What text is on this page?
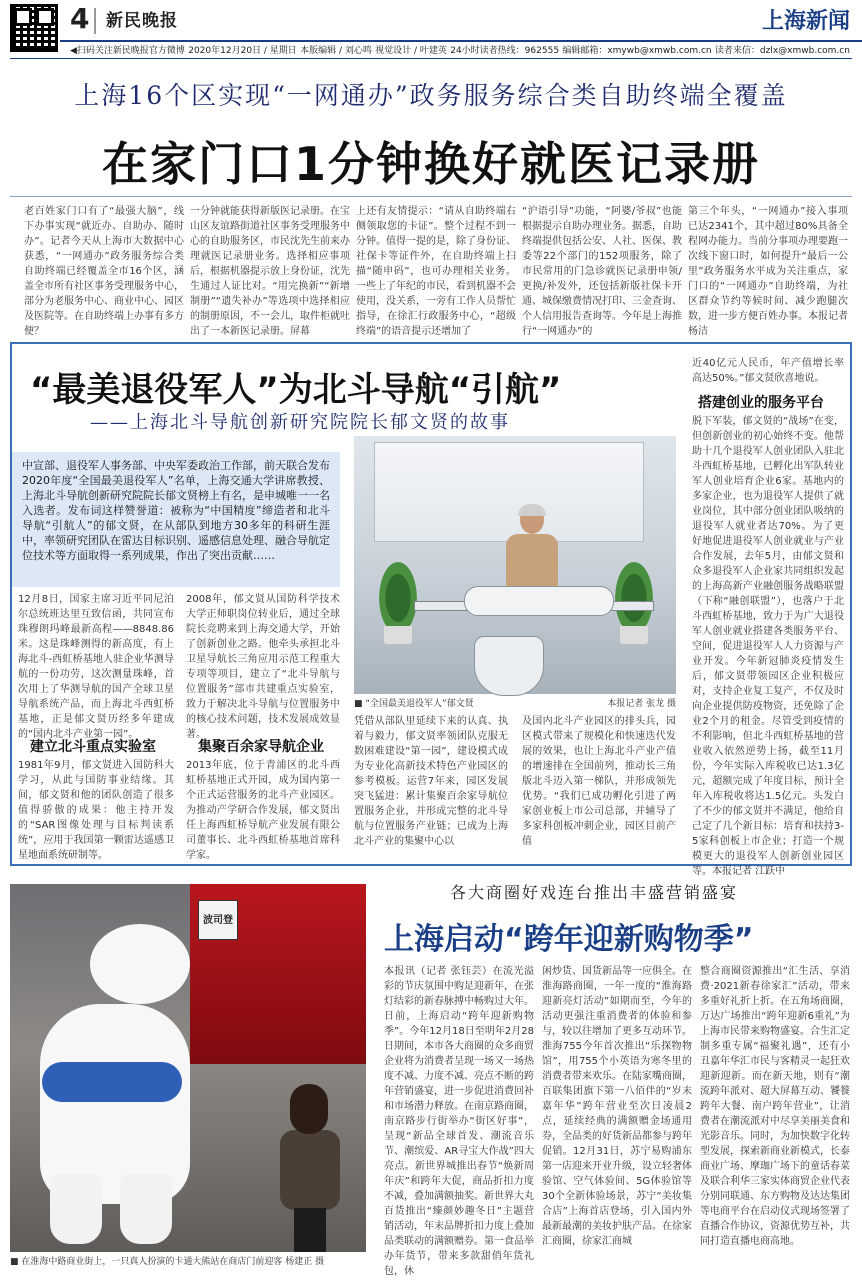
4 新民晚报	上海新闻
◀扫码关注新民晚报官方微博 2020年12月20日 / 星期日 本版编辑 / 刘心鸣 视觉设计 / 叶建英 24小时读者热线：962555 编辑邮箱：xmywb@xmwb.com.cn 读者来信：dzlx@xmwb.com.cn
上海16个区实现“一网通办”政务服务综合类自助终端全覆盖
在家门口1分钟换好就医记录册
老百姓家门口有了“最强大脑”，线下办事实现“就近办、自助办、随时办”。记者今天从上海市大数据中心获悉，“一网通办”政务服务综合类自助终端已经覆盖全市16个区，涵盖全市所有社区事务受理服务中心，部分为老服务中心、商业中心、园区及医院等。在自助终端上办事有多方便？
一分钟就能获得新版医记录册。在宝山区友谊路街道社区事务受理服务中心的自助服务区，市民沈先生前来办理就医记录册业务。选择相应事项后，根据机器提示放上身份证，沈先生通过人证比对。“用完换新”“新增制册”“遗失补办”等选项中选择相应的制册原因，不一会儿，取件柜就吐出了一本新医记录册。屏幕
上还有友情提示：“请从自助终端右侧领取您的卡证”。整个过程不到一分钟。值得一提的是，除了身份证、社保卡等证件外，在自助终端上扫描“随申码”，也可办理相关业务。一些上了年纪的市民，看到机器不会使用，没关系，一旁有工作人员帮忙指导，在徐汇行政服务中心，“超级终端”的语音提示还增加了
“沪语引导”功能，“阿婆/爷叔”也能根据提示自助办理业务。据悉，自助终端提供包括公安、人社、医保、教委等22个部门的152项服务，除了市民常用的门急诊就医记录册申领/更换/补发外，还包括新版社保卡开通、城保缴费情况打印、三金查询、个人信用报告查询等。今年是上海推行“一网通办”的
第三个年头，“一网通办”接入事项已达2341个，其中超过80%具备全程网办能力。当前分事项办理要跑一次线下窗口时，如何提升“最后一公里”政务服务水平成为关注重点，家门口的“一网通办”自助终端，为社区群众节约等候时间、减少跑腿次数，进一步方便百姓办事。本报记者 杨洁
“最美退役军人”为北斗导航“引航”
——上海北斗导航创新研究院院长郁文贤的故事
中宣部、退役军人事务部、中央军委政治工作部，前天联合发布2020年度“全国最美退役军人”名单，上海交通大学讲席教授、上海北斗导航创新研究院院长郁文贤榜上有名，是申城唯一一名入选者。发布词这样赞誉道：被称为“中国精度”缔造者和北斗导航“引航人”的郁文贤，在从部队到地方30多年的科研生涯中，率领研究团队在雷达目标识别、遥感信息处理、融合导航定位技术等方面取得一系列成果，作出了突出贡献……
■ “全国最美退役军人”郁文贤	本报记者 张龙 摄
12月8日，国家主席习近平同尼泊尔总统班达里互致信函，共同宣布珠穆朗玛峰最新高程——8848.86米。这是珠峰测得的新高度，有上海北斗-西虹桥基地人驻企业华测导航的一份功劳，这次测量珠峰，首次用上了华测导航的国产全球卫星导航系统产品，而上海北斗西虹桥基地，正是郁文贤历经多年建成的“国内北斗产业第一园”。
建立北斗重点实验室
1981年9月，郁文贤进入国防科大学习，从此与国防事业结缘。其间，郁文贤和他的团队创造了很多值得骄傲的成果：他主持开发的“SAR图像处理与目标判读系统”，应用于我国第一颗雷达遥感卫星地面系统研制等。
2008年，郁文贤从国防科学技术大学正师职岗位转业后，通过全球院长竞聘来到上海交通大学，开始了创新创业之路。他牵头承担北斗卫星导航长三角应用示范工程重大专项等项目，建立了“北斗导航与位置服务”部市共建重点实验室，致力于解决北斗导航与位置服务中的核心技术问题，技术发展成效显著。
集聚百余家导航企业
2013年底，位于青浦区的北斗西虹桥基地正式开园，成为国内第一个正式运营服务的北斗产业园区。为推动产学研合作发展，郁文贤出任上海西虹桥导航产业发展有限公司董事长、北斗西虹桥基地首席科学家。
凭借从部队里延续下来的认真、执着与毅力，郁文贤率领团队克服无数困难建设“第一园”，建设模式成为专业化高新技术特色产业园区的参考模板。运营7年来，园区发展突飞猛进：累计集聚百余家导航位置服务企业，并形成完整的北斗导航与位置服务产业链；已成为上海北斗产业的集聚中心以
及国内北斗产业园区的排头兵，园区模式带来了规模化和快速迭代发展的效果，也让上海北斗产业产值的增速排在全国前列，推动长三角版北斗迈入第一梯队，并形成领先优势。“我们已成功孵化引进了两家创业板上市公司总部，并辅导了多家科创板冲刺企业，园区目前产值
近40亿元人民币，年产值增长率高达50%。”郁文贤欣喜地说。
搭建创业的服务平台
脱下军装，郁文贤的“战场”在变，但创新创业的初心始终不变。他帮助十几个退役军人创业团队入驻北斗西虹桥基地，已孵化出军队转业军人创业培育企业6家。基地内的多家企业，也为退役军人提供了就业岗位，其中部分创业团队吸纳的退役军人就业者达70%。为了更好地促进退役军人创业就业与产业合作发展，去年5月，由郁文贤和众多退役军人企业家共同组织发起的上海高新产业融创服务战略联盟（下称“融创联盟”），也落户于北斗西虹桥基地，致力于为广大退役军人创业就业搭建各类服务平台、空间，促进退役军人人力资源与产业开发。今年新冠肺炎疫情发生后，郁文贤带领园区企业积极应对，支持企业复工复产，不仅及时向企业提供防疫物资，还免除了企业2个月的租金。尽管受到疫情的不利影响，但北斗西虹桥基地的营业收入依然逆势上扬，截至11月份，今年实际入库税收已达1.3亿元，超额完成了年度目标，预计全年入库税收将达1.5亿元。头发白了不少的郁文贤并不满足，他给自己定了几个新目标：培育和扶持3-5家科创板上市企业；打造一个规模更大的退役军人创新创业园区等。本报记者 江跃中
波司登
■ 在淮海中路商业街上，一只真人扮演的卡通大熊站在商店门前迎客 杨建正 摄
各大商圈好戏连台推出丰盛营销盛宴
上海启动“跨年迎新购物季”
本报讯（记者 张钰芸）在流光溢彩的节庆氛围中购足迎新年，在张灯结彩的新春脉搏中畅购过大年。日前，上海启动“跨年迎新购物季”。今年12月18日至明年2月28日期间，本市各大商圈的众多商贸企业将为消费者呈现一场又一场热度不减、力度不减、亮点不断的跨年营销盛宴，进一步促进消费回补和市场潜力释放。在南京路商圈，南京路步行街举办“街区好事”，呈现“新品全球首发、潮流音乐节、潮缤爱、AR寻宝大作战”四大亮点。新世界城推出春节“焕新周年庆”和跨年大促，商品折扣力度不减，叠加满额抽奖。新世界大丸百货推出“臻颜妙趣冬日”主题营销活动，年末品牌折扣力度上叠加品类联动的满额赠券。第一食品举办年货节，带来多款甜俏年货礼包，休
闲炒货、国货新品等一应俱全。在淮海路商圈，一年一度的“淮海路迎新亮灯活动”如期而至，今年的活动更强注重消费者的体验和参与，较以往增加了更多互动环节。淮海755今年首次推出“乐探物物馆”，用755个小英语为寒冬里的消费者带来欢乐。在陆家嘴商圈，百联集团旗下第一八佰伴的“岁末嘉年华”跨年营业至次日凌晨2点，延续经典的满额赠金场通用券，全品类的好货新品都参与跨年促销。12月31日，苏宁易购浦东第一店迎来开业升级，设立轻奢体验馆、空气体验间、5G体验馆等30个全新体验场景，苏宁“美妆集合店”上海首店登场，引入国内外最新最潮的美妆护肤产品。在徐家汇商圈，徐家汇商城
整合商圈资源推出“汇生活、享消费·2021新春徐家汇”活动，带来多重好礼折上折。在五角场商圈，万达广场推出“跨年迎新6重礼”为上海市民带来购物盛宴。合生汇定制多重专属“福聚礼遇”，还有小丑嘉年华汇市民与客精灵一起狂欢迎新迎新。而在新天地，则有“潮流跨年派对、超大屏幕互动、饕餮跨年大餐、南户跨年营业”，让消费者在潮流派对中尽享美丽美食和光影音乐。同时，为加快数字化转型发展，探索新商业新模式，长泰商业广场、摩珈广场下的童话春菜及联合利华三家实体商贸企业代表分别同联通、东方购物及达达集团等电商平台在启动仪式现场签署了直播合作协议，资源优势互补，共同打造直播电商高地。
